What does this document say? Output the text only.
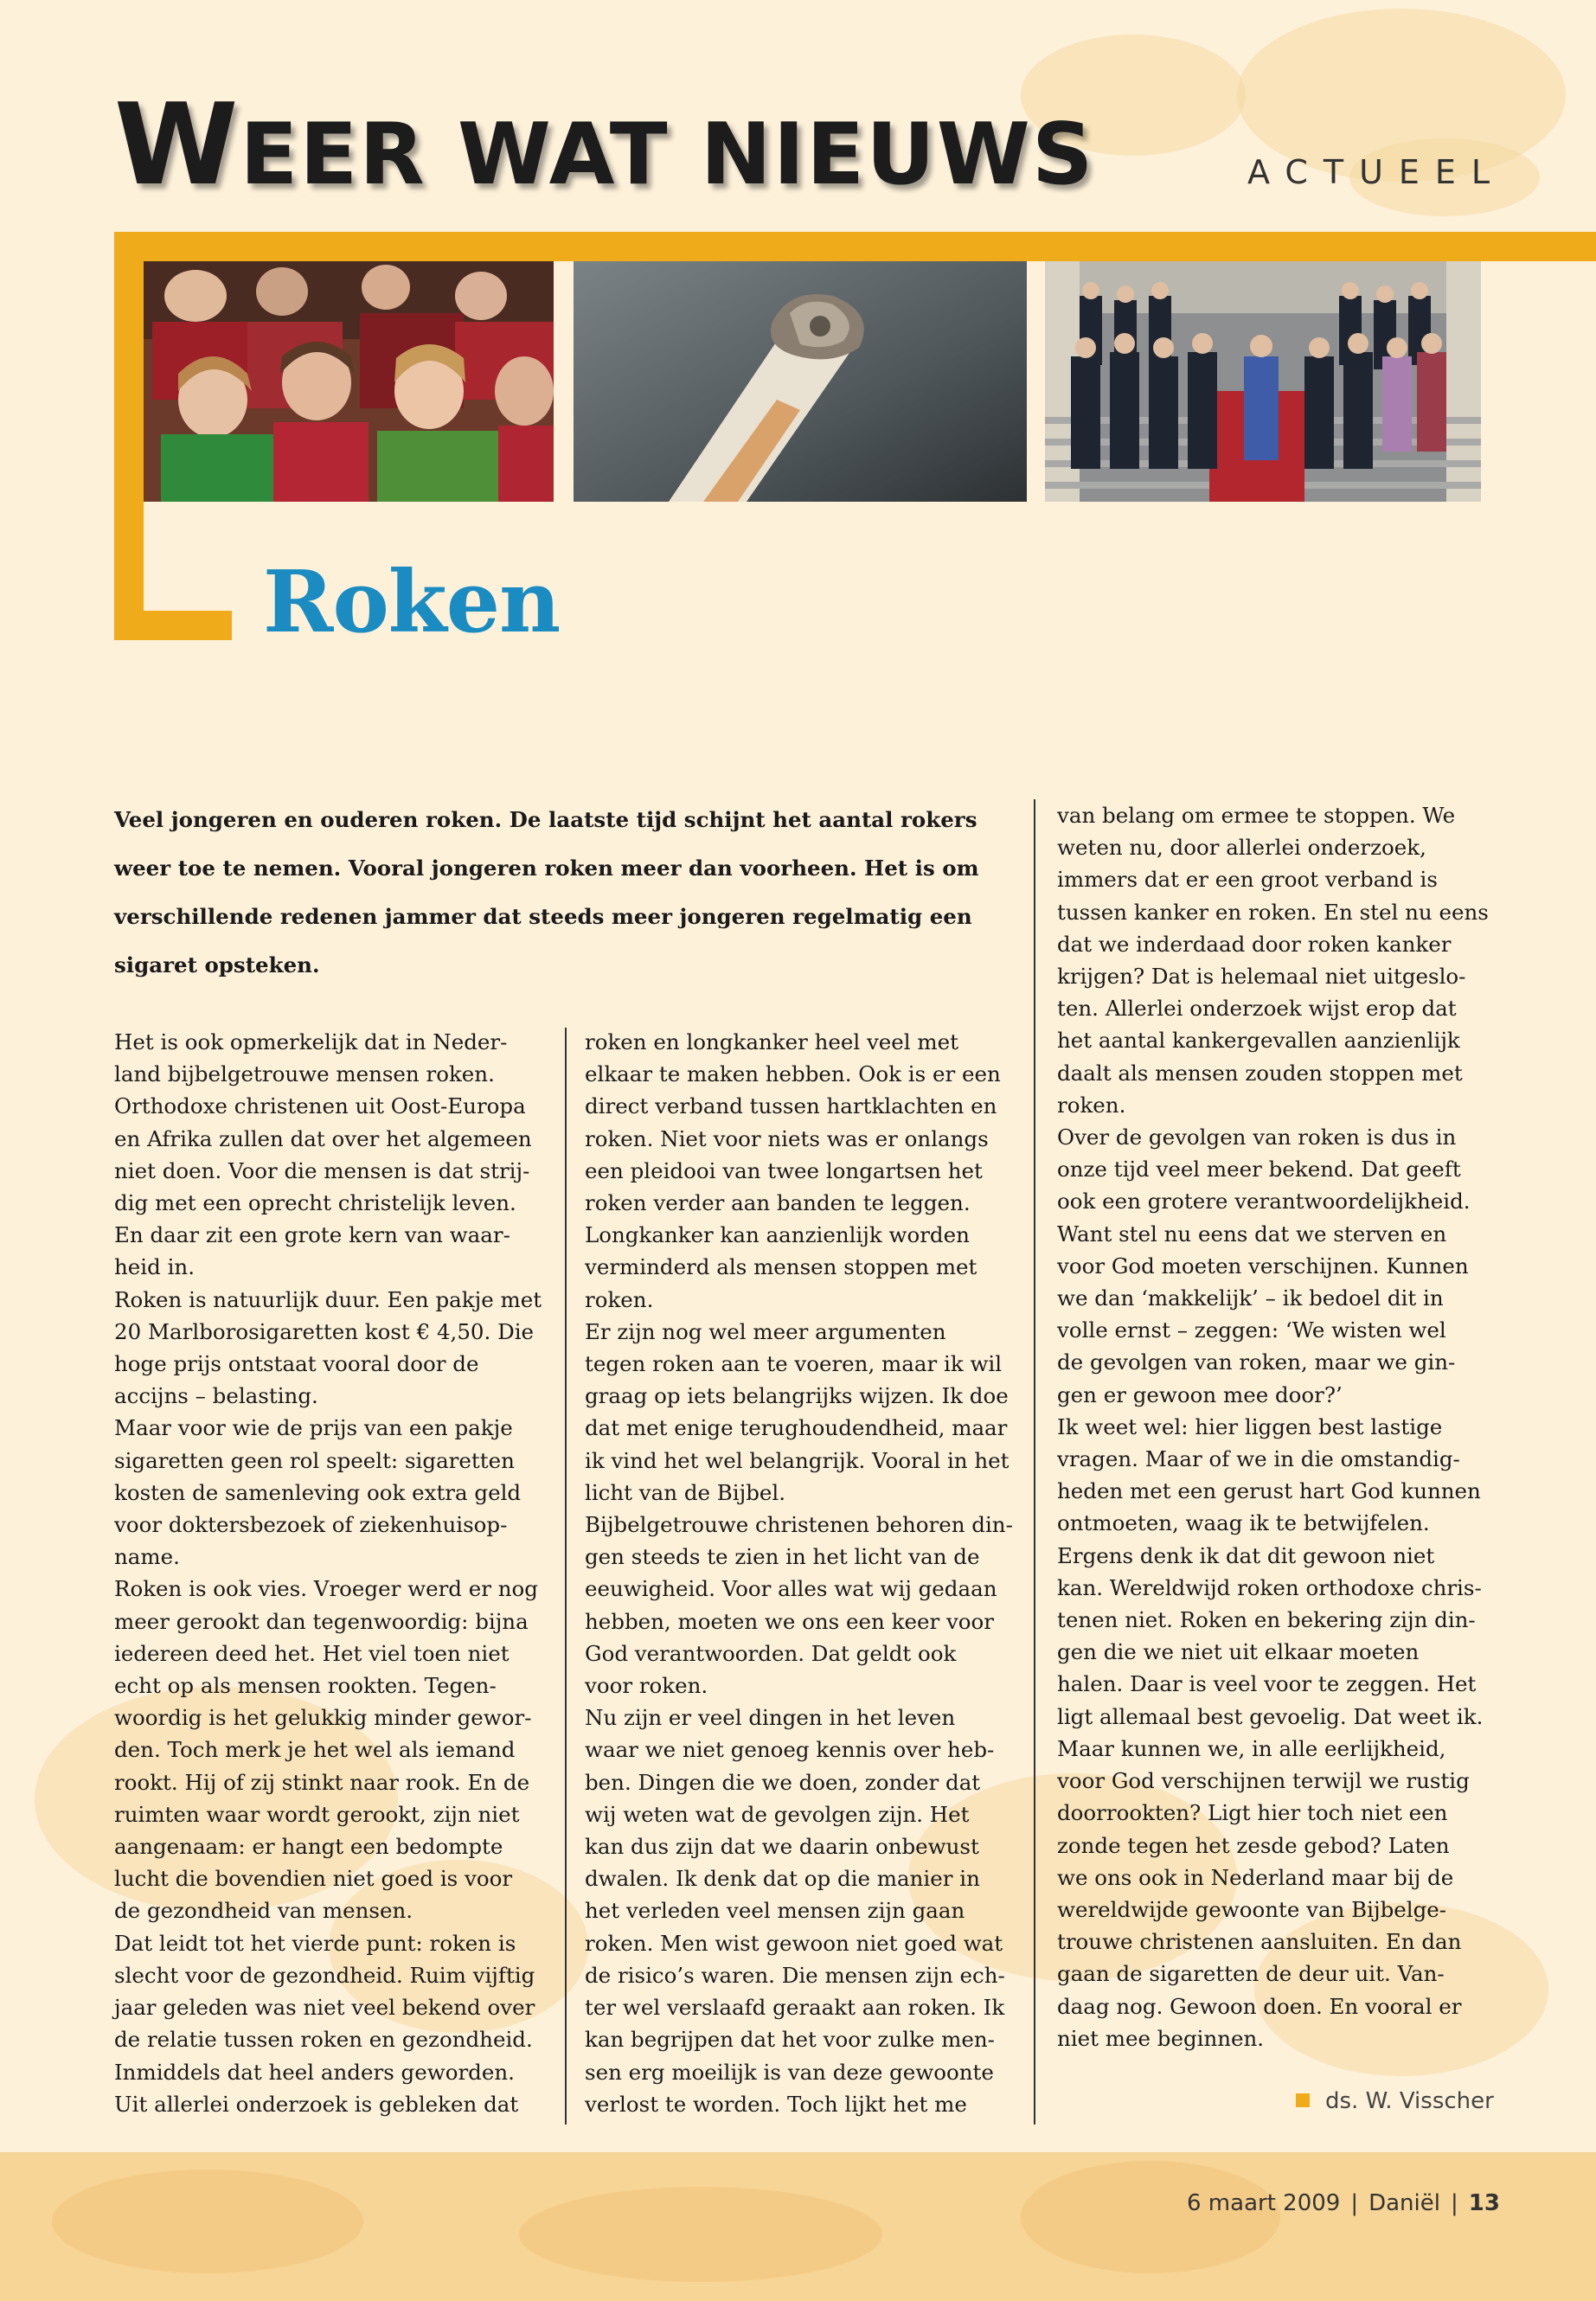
WEER WAT NIEUWS	ACTUEEL
Roken
Veel jongeren en ouderen roken. De laatste tijd schijnt het aantal rokers weer toe te nemen. Vooral jongeren roken meer dan voorheen. Het is om verschillende redenen jammer dat steeds meer jongeren regelmatig een sigaret opsteken.

Het is ook opmerkelijk dat in Neder-
land bijbelgetrouwe mensen roken.
Orthodoxe christenen uit Oost-Europa
en Afrika zullen dat over het algemeen
niet doen. Voor die mensen is dat strij-
dig met een oprecht christelijk leven.
En daar zit een grote kern van waar-
heid in.

Roken is natuurlijk duur. Een pakje met
20 Marlborosigaretten kost € 4,50. Die
hoge prijs ontstaat vooral door de
accijns – belasting.

Maar voor wie de prijs van een pakje
sigaretten geen rol speelt: sigaretten
kosten de samenleving ook extra geld
voor doktersbezoek of ziekenhuisop-
name.

Roken is ook vies. Vroeger werd er nog
meer gerookt dan tegenwoordig: bijna
iedereen deed het. Het viel toen niet
echt op als mensen rookten. Tegen-
woordig is het gelukkig minder gewor-
den. Toch merk je het wel als iemand
rookt. Hij of zij stinkt naar rook. En de
ruimten waar wordt gerookt, zijn niet
aangenaam: er hangt een bedompte
lucht die bovendien niet goed is voor
de gezondheid van mensen.

Dat leidt tot het vierde punt: roken is
slecht voor de gezondheid. Ruim vijftig
jaar geleden was niet veel bekend over
de relatie tussen roken en gezondheid.
Inmiddels dat heel anders geworden.
Uit allerlei onderzoek is gebleken dat

roken en longkanker heel veel met
elkaar te maken hebben. Ook is er een
direct verband tussen hartklachten en
roken. Niet voor niets was er onlangs
een pleidooi van twee longartsen het
roken verder aan banden te leggen.
Longkanker kan aanzienlijk worden
verminderd als mensen stoppen met
roken.

Er zijn nog wel meer argumenten
tegen roken aan te voeren, maar ik wil
graag op iets belangrijks wijzen. Ik doe
dat met enige terughoudendheid, maar
ik vind het wel belangrijk. Vooral in het
licht van de Bijbel.

Bijbelgetrouwe christenen behoren din-
gen steeds te zien in het licht van de
eeuwigheid. Voor alles wat wij gedaan
hebben, moeten we ons een keer voor
God verantwoorden. Dat geldt ook
voor roken.

Nu zijn er veel dingen in het leven
waar we niet genoeg kennis over heb-
ben. Dingen die we doen, zonder dat
wij weten wat de gevolgen zijn. Het
kan dus zijn dat we daarin onbewust
dwalen. Ik denk dat op die manier in
het verleden veel mensen zijn gaan
roken. Men wist gewoon niet goed wat
de risico’s waren. Die mensen zijn ech-
ter wel verslaafd geraakt aan roken. Ik
kan begrijpen dat het voor zulke men-
sen erg moeilijk is van deze gewoonte
verlost te worden. Toch lijkt het me

van belang om ermee te stoppen. We
weten nu, door allerlei onderzoek,
immers dat er een groot verband is
tussen kanker en roken. En stel nu eens
dat we inderdaad door roken kanker
krijgen? Dat is helemaal niet uitgeslo-
ten. Allerlei onderzoek wijst erop dat
het aantal kankergevallen aanzienlijk
daalt als mensen zouden stoppen met
roken.

Over de gevolgen van roken is dus in
onze tijd veel meer bekend. Dat geeft
ook een grotere verantwoordelijkheid.
Want stel nu eens dat we sterven en
voor God moeten verschijnen. Kunnen
we dan ‘makkelijk’ – ik bedoel dit in
volle ernst – zeggen: ‘We wisten wel
de gevolgen van roken, maar we gin-
gen er gewoon mee door?’

Ik weet wel: hier liggen best lastige
vragen. Maar of we in die omstandig-
heden met een gerust hart God kunnen
ontmoeten, waag ik te betwijfelen.
Ergens denk ik dat dit gewoon niet
kan. Wereldwijd roken orthodoxe chris-
tenen niet. Roken en bekering zijn din-
gen die we niet uit elkaar moeten
halen. Daar is veel voor te zeggen. Het
ligt allemaal best gevoelig. Dat weet ik.
Maar kunnen we, in alle eerlijkheid,
voor God verschijnen terwijl we rustig
doorrookten? Ligt hier toch niet een
zonde tegen het zesde gebod? Laten
we ons ook in Nederland maar bij de
wereldwijde gewoonte van Bijbelge-
trouwe christenen aansluiten. En dan
gaan de sigaretten de deur uit. Van-
daag nog. Gewoon doen. En vooral er
niet mee beginnen.

ds. W. Visscher
6 maart 2009 | Daniël | 13
